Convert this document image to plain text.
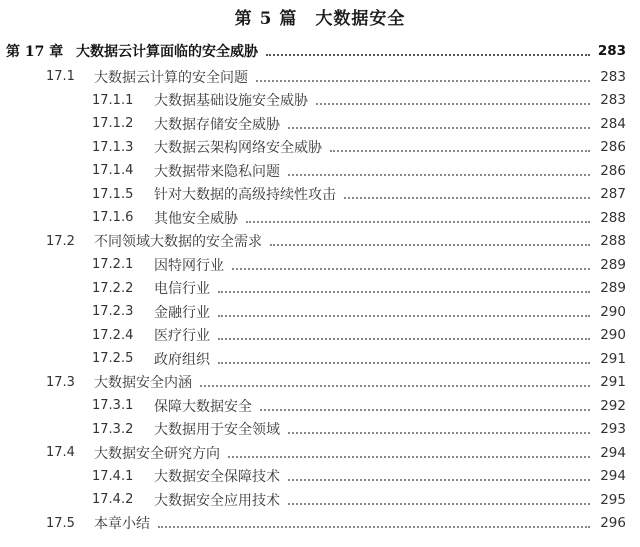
第 5 篇　大数据安全
第 17 章 大数据云计算面临的安全威胁	283
17.1	大数据云计算的安全问题	283
17.1.1	大数据基础设施安全威胁	283
17.1.2	大数据存储安全威胁	284
17.1.3	大数据云架构网络安全威胁	286
17.1.4	大数据带来隐私问题	286
17.1.5	针对大数据的高级持续性攻击	287
17.1.6	其他安全威胁	288
17.2	不同领域大数据的安全需求	288
17.2.1	因特网行业	289
17.2.2	电信行业	289
17.2.3	金融行业	290
17.2.4	医疗行业	290
17.2.5	政府组织	291
17.3	大数据安全内涵	291
17.3.1	保障大数据安全	292
17.3.2	大数据用于安全领域	293
17.4	大数据安全研究方向	294
17.4.1	大数据安全保障技术	294
17.4.2	大数据安全应用技术	295
17.5	本章小结	296
